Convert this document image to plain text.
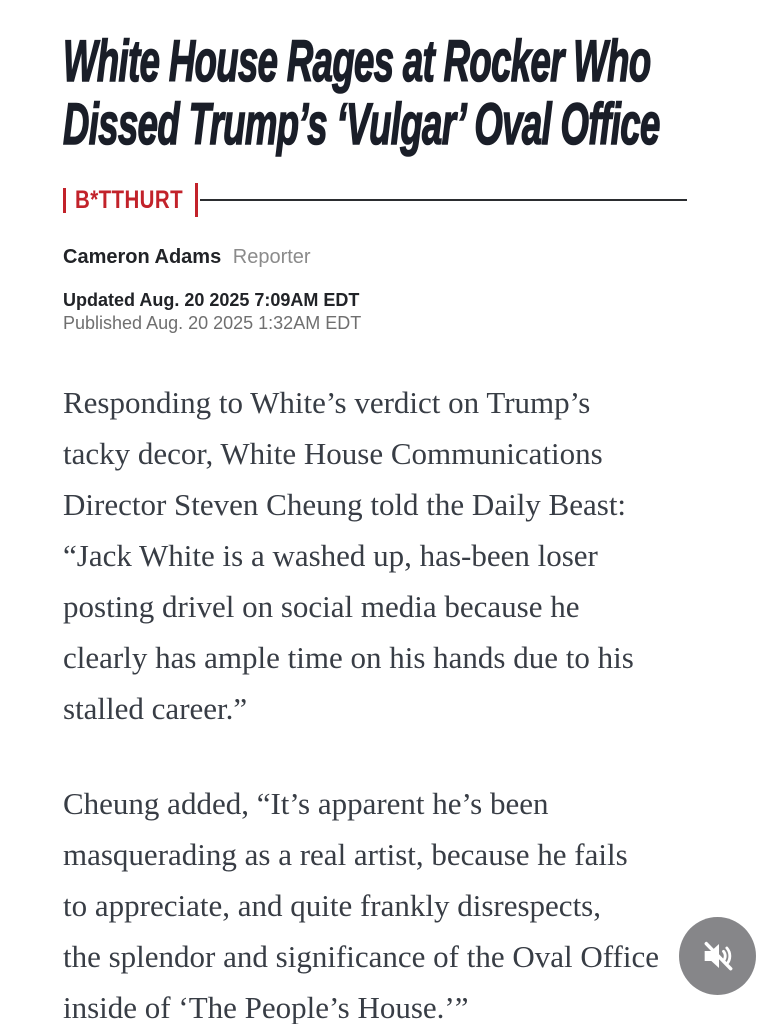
White House Rages at Rocker Who
Dissed Trump’s ‘Vulgar’ Oval Office
B*TTHURT
Cameron Adams Reporter
Updated Aug. 20 2025 7:09AM EDT
Published Aug. 20 2025 1:32AM EDT

Responding to White’s verdict on Trump’s
tacky decor, White House Communications
Director Steven Cheung told the Daily Beast:
“Jack White is a washed up, has-been loser
posting drivel on social media because he
clearly has ample time on his hands due to his
stalled career.”

Cheung added, “It’s apparent he’s been
masquerading as a real artist, because he fails
to appreciate, and quite frankly disrespects,
the splendor and significance of the Oval Office
inside of ‘The People’s House.’”
